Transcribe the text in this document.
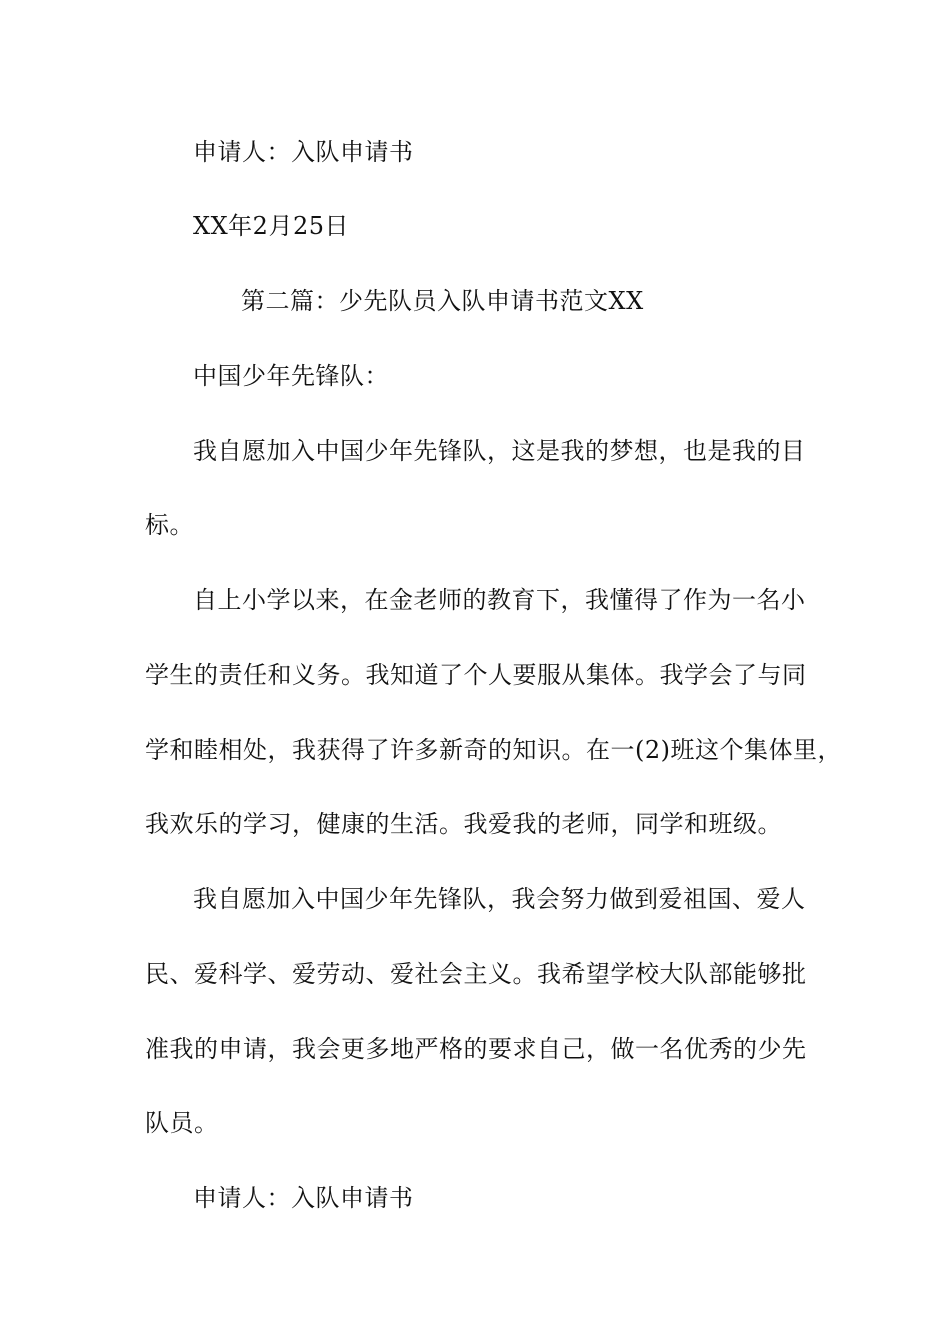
申请人：入队申请书
XX年2月25日
第二篇：少先队员入队申请书范文XX
中国少年先锋队：
我自愿加入中国少年先锋队，这是我的梦想，也是我的目
标。
自上小学以来，在金老师的教育下，我懂得了作为一名小
学生的责任和义务。我知道了个人要服从集体。我学会了与同
学和睦相处，我获得了许多新奇的知识。在一(2)班这个集体里，
我欢乐的学习，健康的生活。我爱我的老师，同学和班级。
我自愿加入中国少年先锋队，我会努力做到爱祖国、爱人
民、爱科学、爱劳动、爱社会主义。我希望学校大队部能够批
准我的申请，我会更多地严格的要求自己，做一名优秀的少先
队员。
申请人：入队申请书
